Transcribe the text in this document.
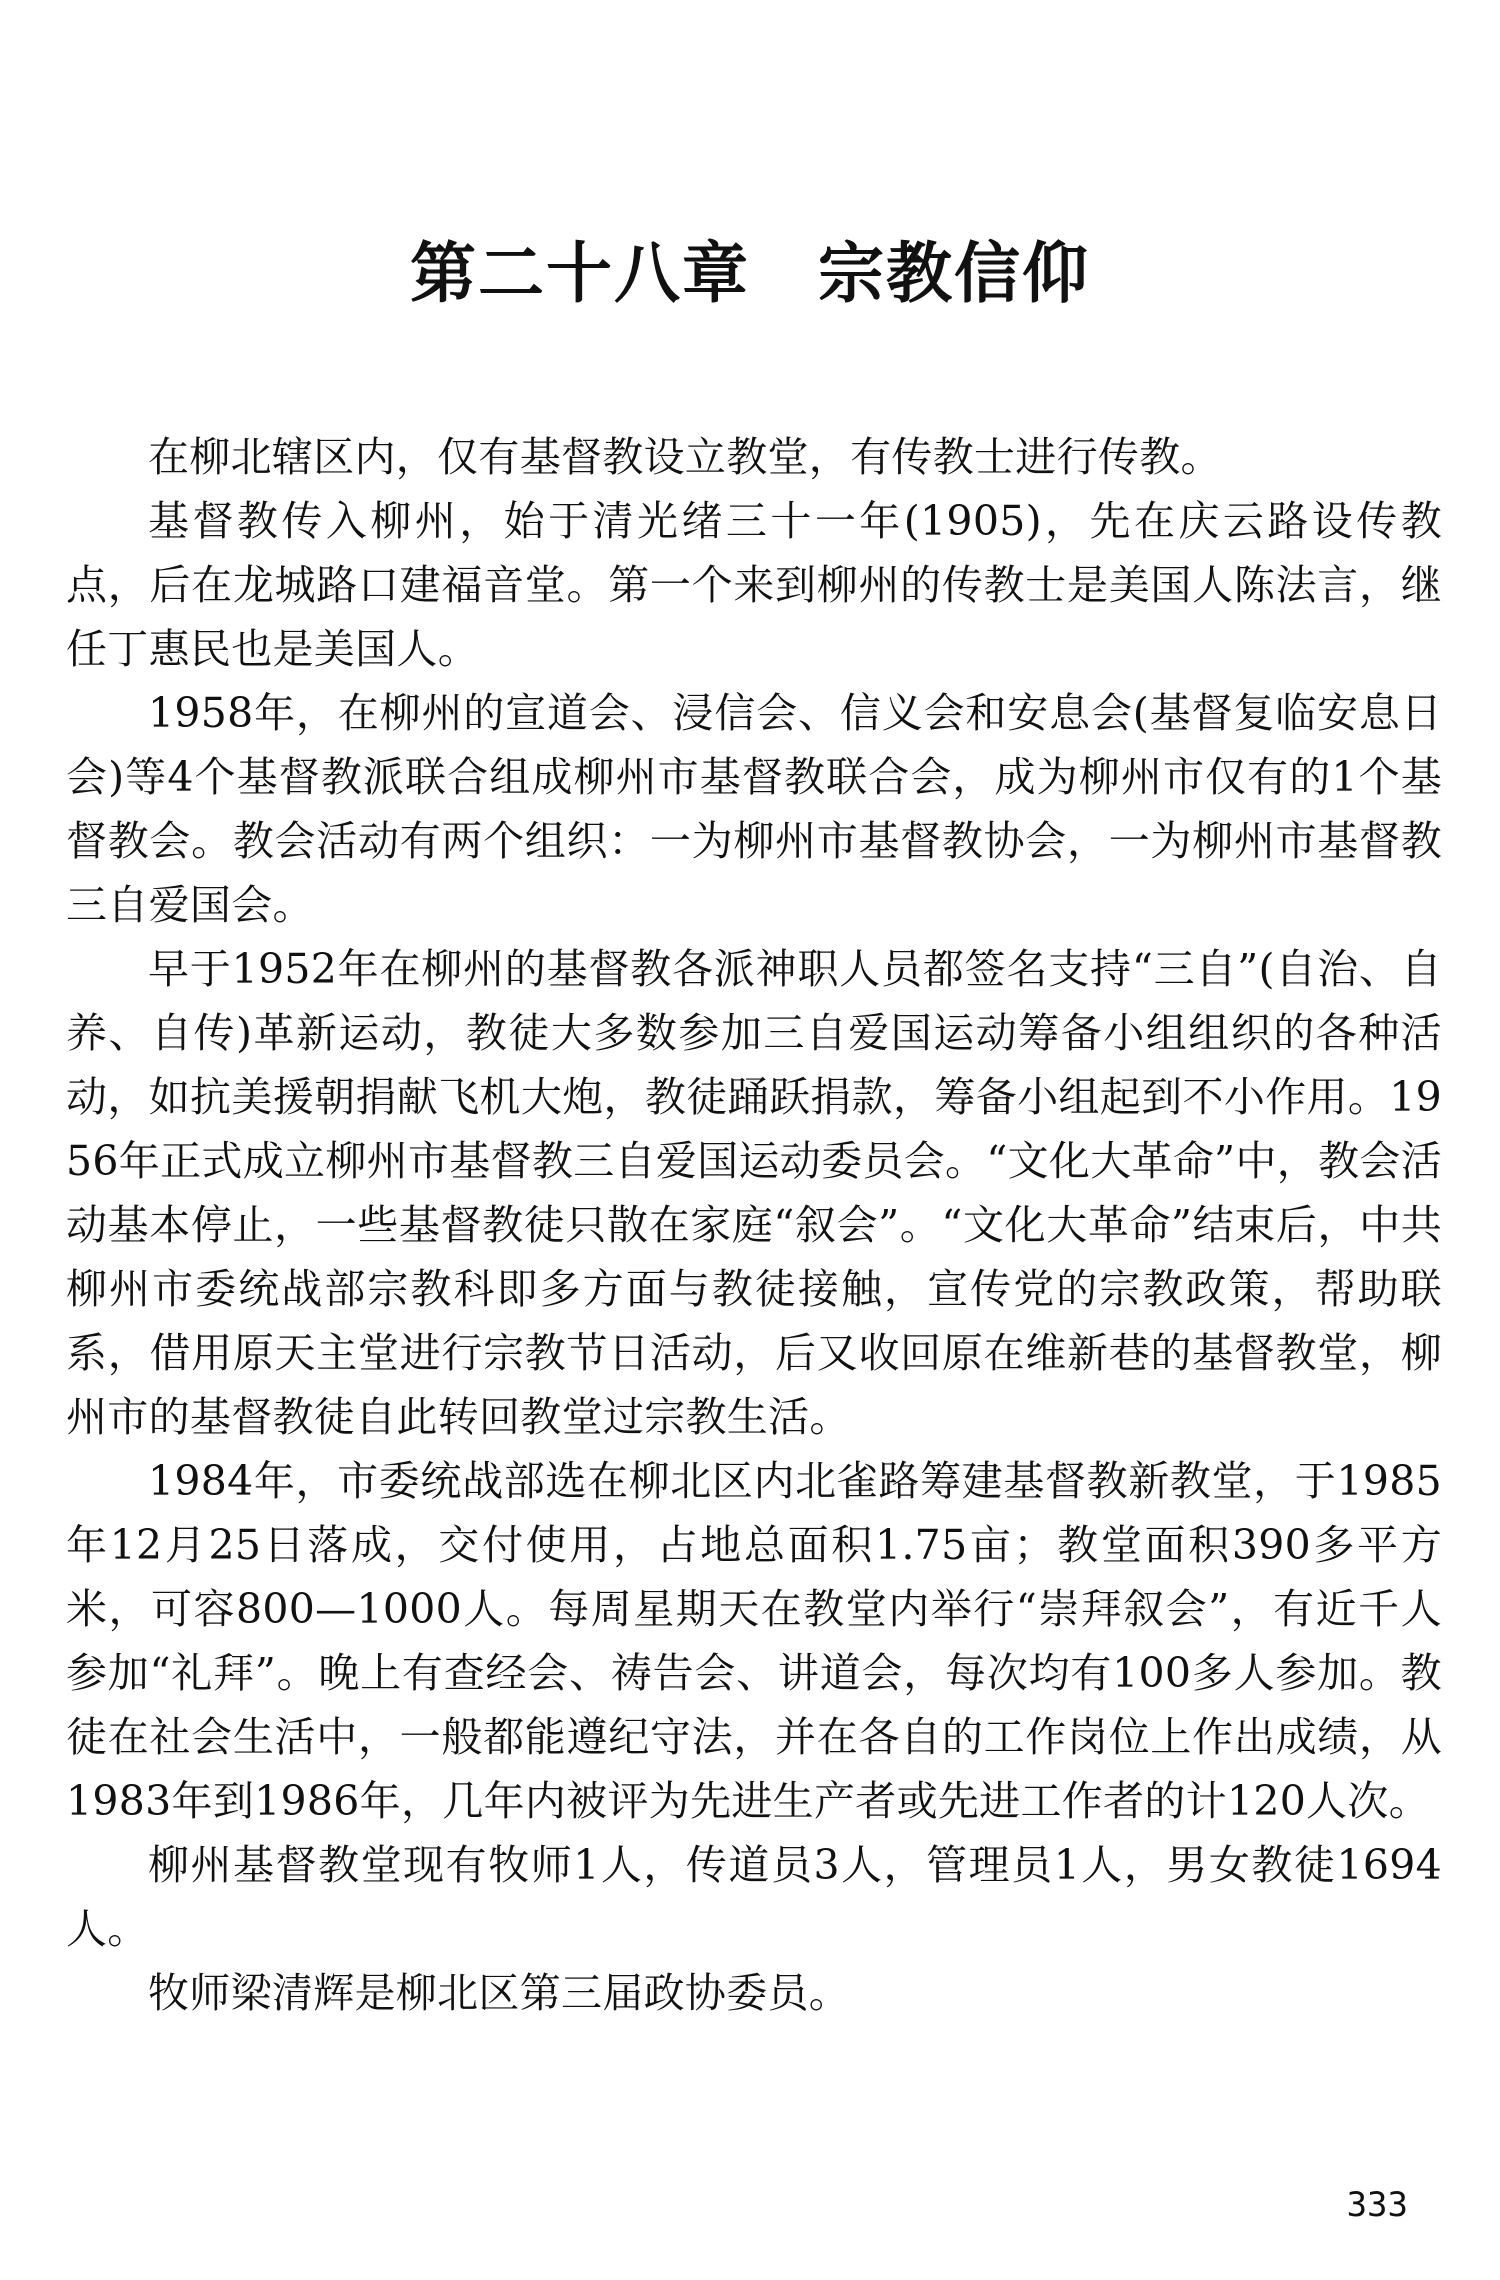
第二十八章　宗教信仰

在柳北辖区内，仅有基督教设立教堂，有传教士进行传教。

基督教传入柳州，始于清光绪三十一年(1905)，先在庆云路设传教点，后在龙城路口建福音堂。第一个来到柳州的传教士是美国人陈法言，继任丁惠民也是美国人。

1958年，在柳州的宣道会、浸信会、信义会和安息会(基督复临安息日会)等4个基督教派联合组成柳州市基督教联合会，成为柳州市仅有的1个基督教会。教会活动有两个组织：一为柳州市基督教协会，一为柳州市基督教三自爱国会。

早于1952年在柳州的基督教各派神职人员都签名支持“三自”(自治、自养、自传)革新运动，教徒大多数参加三自爱国运动筹备小组组织的各种活动，如抗美援朝捐献飞机大炮，教徒踊跃捐款，筹备小组起到不小作用。1956年正式成立柳州市基督教三自爱国运动委员会。“文化大革命”中，教会活动基本停止，一些基督教徒只散在家庭“叙会”。“文化大革命”结束后，中共柳州市委统战部宗教科即多方面与教徒接触，宣传党的宗教政策，帮助联系，借用原天主堂进行宗教节日活动，后又收回原在维新巷的基督教堂，柳州市的基督教徒自此转回教堂过宗教生活。

1984年，市委统战部选在柳北区内北雀路筹建基督教新教堂，于1985年12月25日落成，交付使用，占地总面积1.75亩；教堂面积390多平方米，可容800—1000人。每周星期天在教堂内举行“崇拜叙会”，有近千人参加“礼拜”。晚上有查经会、祷告会、讲道会，每次均有100多人参加。教徒在社会生活中，一般都能遵纪守法，并在各自的工作岗位上作出成绩，从1983年到1986年，几年内被评为先进生产者或先进工作者的计120人次。

柳州基督教堂现有牧师1人，传道员3人，管理员1人，男女教徒1694人。

牧师梁清辉是柳北区第三届政协委员。

333
